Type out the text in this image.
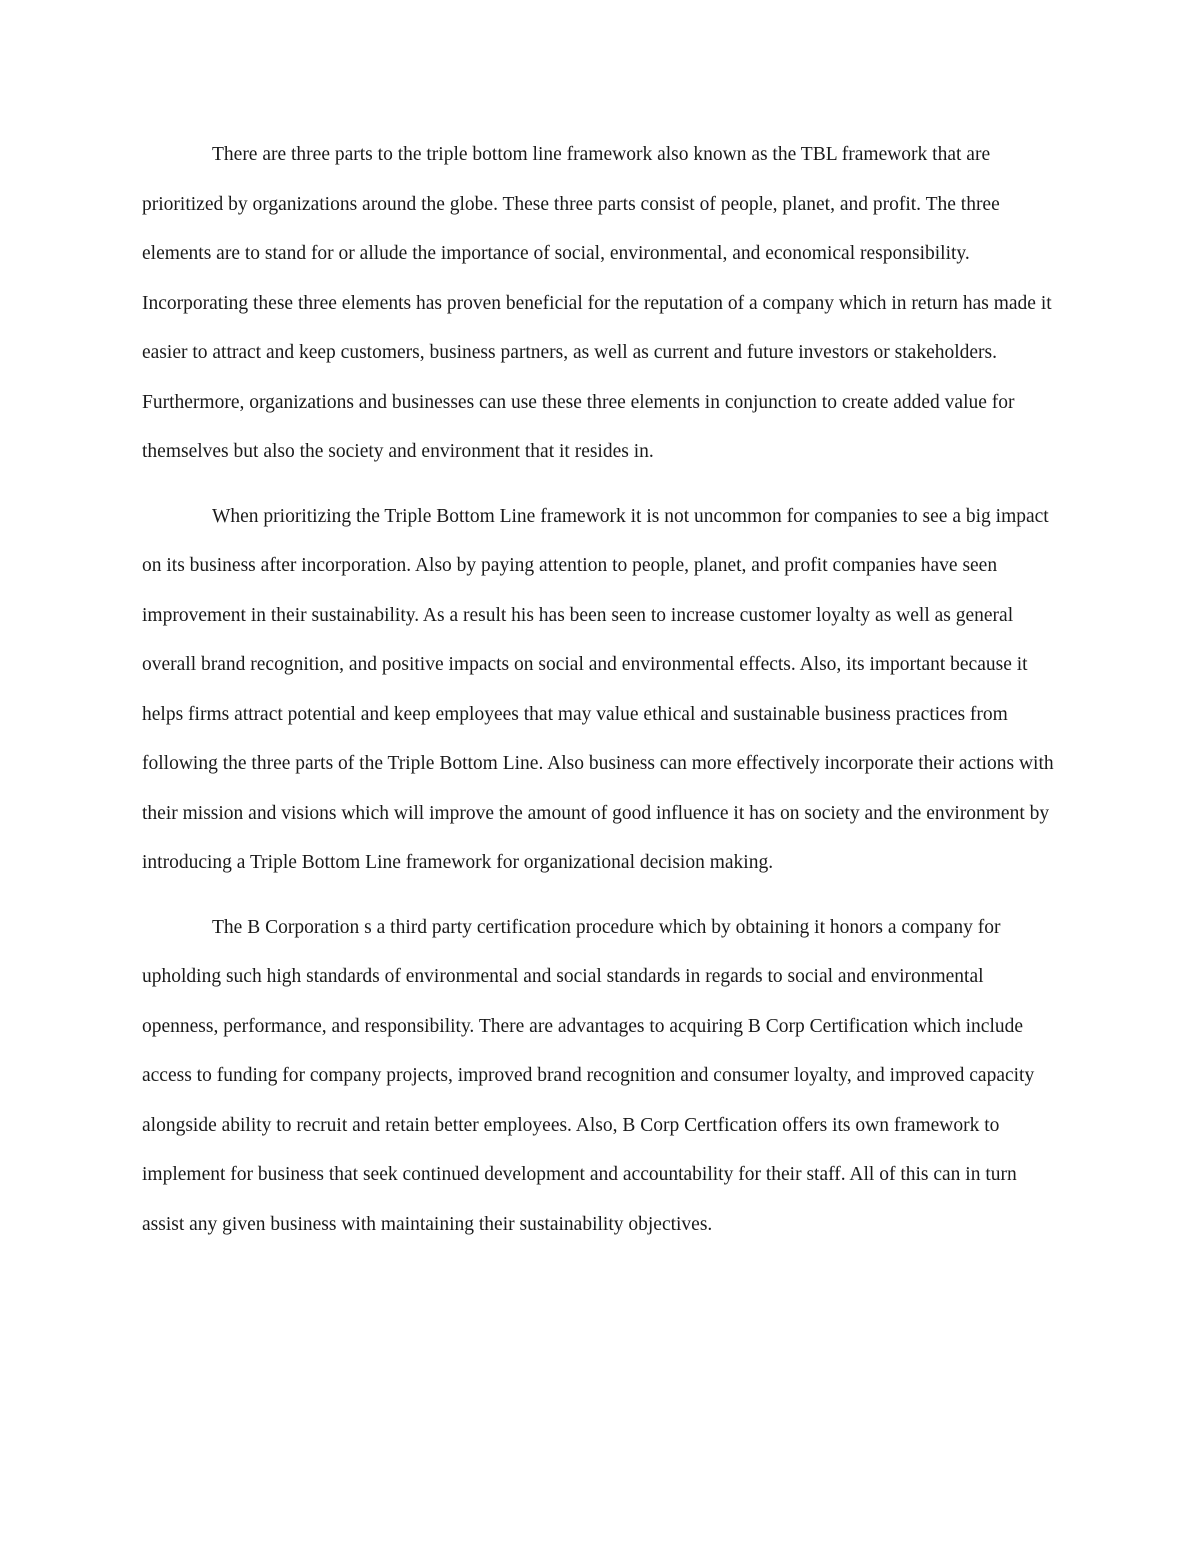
There are three parts to the triple bottom line framework also known as the TBL framework that are prioritized by organizations around the globe. These three parts consist of people, planet, and profit. The three elements are to stand for or allude the importance of social, environmental, and economical responsibility. Incorporating these three elements has proven beneficial for the reputation of a company which in return has made it easier to attract and keep customers, business partners, as well as current and future investors or stakeholders. Furthermore, organizations and businesses can use these three elements in conjunction to create added value for themselves but also the society and environment that it resides in.

When prioritizing the Triple Bottom Line framework it is not uncommon for companies to see a big impact on its business after incorporation. Also by paying attention to people, planet, and profit companies have seen improvement in their sustainability. As a result his has been seen to increase customer loyalty as well as general overall brand recognition, and positive impacts on social and environmental effects. Also, its important because it helps firms attract potential and keep employees that may value ethical and sustainable business practices from following the three parts of the Triple Bottom Line. Also business can more effectively incorporate their actions with their mission and visions which will improve the amount of good influence it has on society and the environment by introducing a Triple Bottom Line framework for organizational decision making.

The B Corporation s a third party certification procedure which by obtaining it honors a company for upholding such high standards of environmental and social standards in regards to social and environmental openness, performance, and responsibility. There are advantages to acquiring B Corp Certification which include access to funding for company projects, improved brand recognition and consumer loyalty, and improved capacity alongside ability to recruit and retain better employees. Also, B Corp Certfication offers its own framework to implement for business that seek continued development and accountability for their staff. All of this can in turn assist any given business with maintaining their sustainability objectives.
